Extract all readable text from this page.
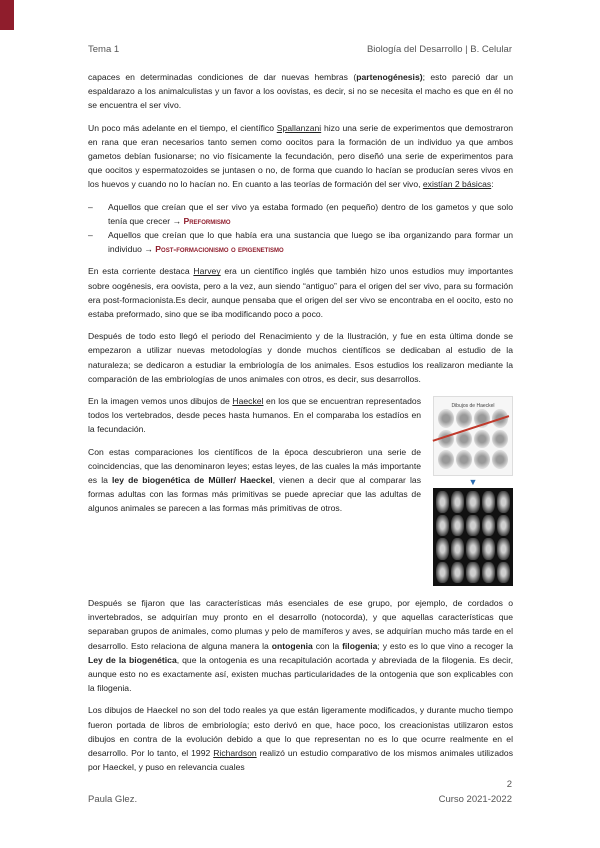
Tema 1	Biología del Desarrollo | B. Celular

capaces en determinadas condiciones de dar nuevas hembras (partenogénesis); esto pareció dar un espaldarazo a los animalculistas y un favor a los oovistas, es decir, si no se necesita el macho es que en él no se encuentra el ser vivo.

Un poco más adelante en el tiempo, el científico Spallanzani hizo una serie de experimentos que demostraron en rana que eran necesarios tanto semen como oocitos para la formación de un individuo ya que ambos gametos debían fusionarse; no vio físicamente la fecundación, pero diseñó una serie de experimentos para que oocitos y espermatozoides se juntasen o no, de forma que cuando lo hacían se producían seres vivos en los huevos y cuando no lo hacían no. En cuanto a las teorías de formación del ser vivo, existían 2 básicas:

– Aquellos que creían que el ser vivo ya estaba formado (en pequeño) dentro de los gametos y que solo tenía que crecer → Preformismo
– Aquellos que creían que lo que había era una sustancia que luego se iba organizando para formar un individuo → Post-formacionismo o epigenetismo

En esta corriente destaca Harvey era un científico inglés que también hizo unos estudios muy importantes sobre oogénesis, era oovista, pero a la vez, aun siendo “antiguo” para el origen del ser vivo, para su formación era post-formacionista.Es decir, aunque pensaba que el origen del ser vivo se encontraba en el oocito, esto no estaba preformado, sino que se iba modificando poco a poco.

Después de todo esto llegó el periodo del Renacimiento y de la Ilustración, y fue en esta última donde se empezaron a utilizar nuevas metodologías y donde muchos científicos se dedicaban al estudio de la naturaleza; se dedicaron a estudiar la embriología de los animales. Esos estudios los realizaron mediante la comparación de las embriologías de unos animales con otros, es decir, sus desarrollos.

Dibujos de Haeckel
▼

En la imagen vemos unos dibujos de Haeckel en los que se encuentran representados todos los vertebrados, desde peces hasta humanos. En el comparaba los estadíos en la fecundación.

Con estas comparaciones los científicos de la época descubrieron una serie de coincidencias, que las denominaron leyes; estas leyes, de las cuales la más importante es la ley de biogenética de Müller/ Haeckel, vienen a decir que al comparar las formas adultas con las formas más primitivas se puede apreciar que las adultas de algunos animales se parecen a las formas más primitivas de otros.

Después se fijaron que las características más esenciales de ese grupo, por ejemplo, de cordados o invertebrados, se adquirían muy pronto en el desarrollo (notocorda), y que aquellas características que separaban grupos de animales, como plumas y pelo de mamíferos y aves, se adquirían mucho más tarde en el desarrollo. Esto relaciona de alguna manera la ontogenia con la filogenia; y esto es lo que vino a recoger la Ley de la biogenética, que la ontogenia es una recapitulación acortada y abreviada de la filogenia. Es decir, aunque esto no es exactamente así, existen muchas particularidades de la ontogenia que son explicables con la filogenia.

Los dibujos de Haeckel no son del todo reales ya que están ligeramente modificados, y durante mucho tiempo fueron portada de libros de embriología; esto derivó en que, hace poco, los creacionistas utilizaron estos dibujos en contra de la evolución debido a que lo que representan no es lo que ocurre realmente en el desarrollo. Por lo tanto, el 1992 Richardson realizó un estudio comparativo de los mismos animales utilizados por Haeckel, y puso en relevancia cuales

2
Paula Glez.	Curso 2021-2022
